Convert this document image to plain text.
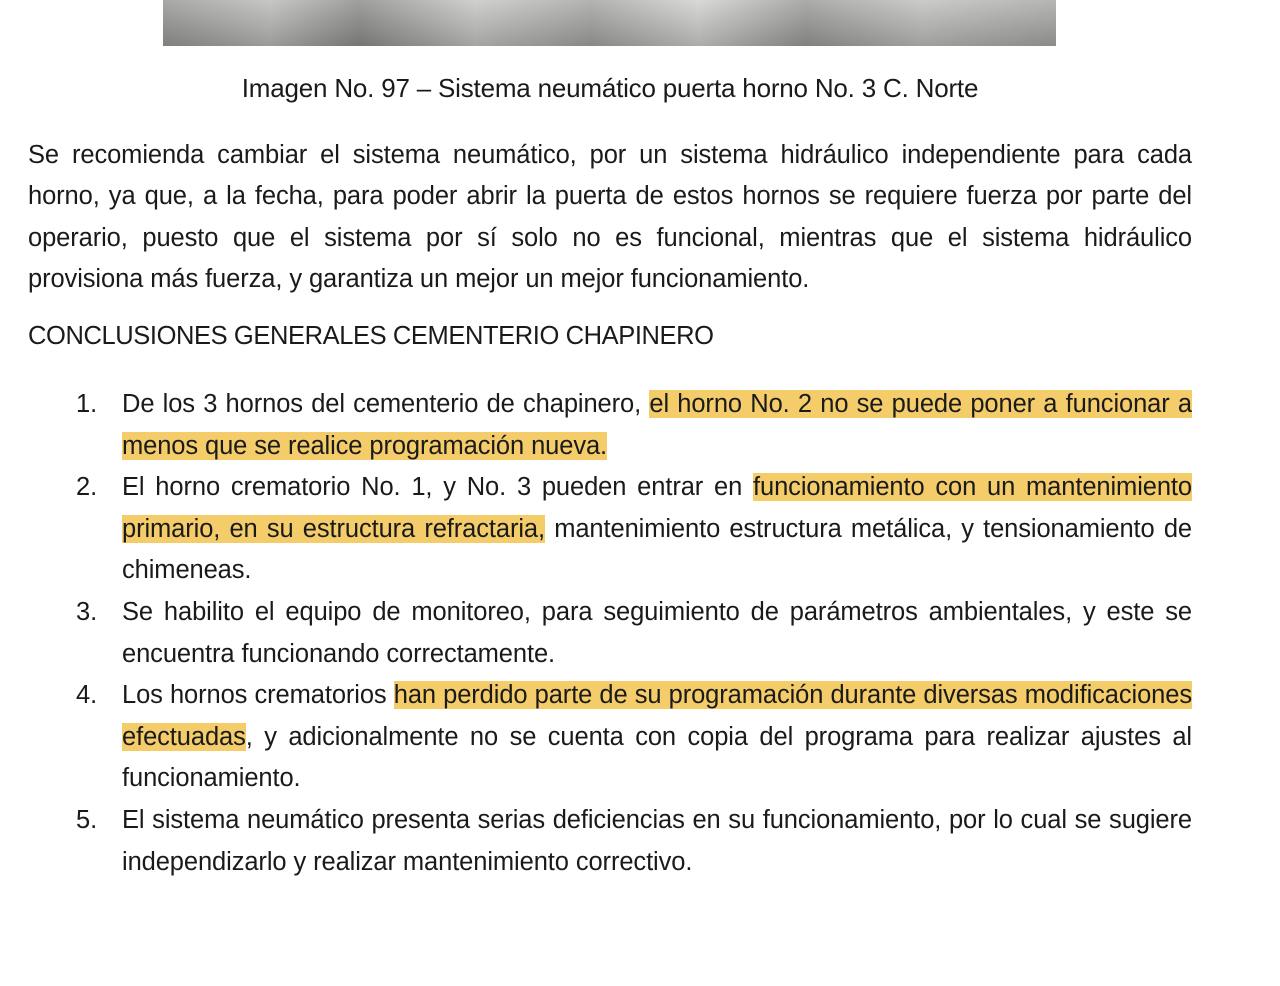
Imagen No. 97 – Sistema neumático puerta horno No. 3 C. Norte

Se recomienda cambiar el sistema neumático, por un sistema hidráulico independiente para cada horno, ya que, a la fecha, para poder abrir la puerta de estos hornos se requiere fuerza por parte del operario, puesto que el sistema por sí solo no es funcional, mientras que el sistema hidráulico provisiona más fuerza, y garantiza un mejor un mejor funcionamiento.

CONCLUSIONES GENERALES CEMENTERIO CHAPINERO
1. De los 3 hornos del cementerio de chapinero, el horno No. 2 no se puede poner a funcionar a menos que se realice programación nueva.
2. El horno crematorio No. 1, y No. 3 pueden entrar en funcionamiento con un mantenimiento primario, en su estructura refractaria, mantenimiento estructura metálica, y tensionamiento de chimeneas.
3. Se habilito el equipo de monitoreo, para seguimiento de parámetros ambientales, y este se encuentra funcionando correctamente.
4. Los hornos crematorios han perdido parte de su programación durante diversas modificaciones efectuadas, y adicionalmente no se cuenta con copia del programa para realizar ajustes al funcionamiento.
5. El sistema neumático presenta serias deficiencias en su funcionamiento, por lo cual se sugiere independizarlo y realizar mantenimiento correctivo.
